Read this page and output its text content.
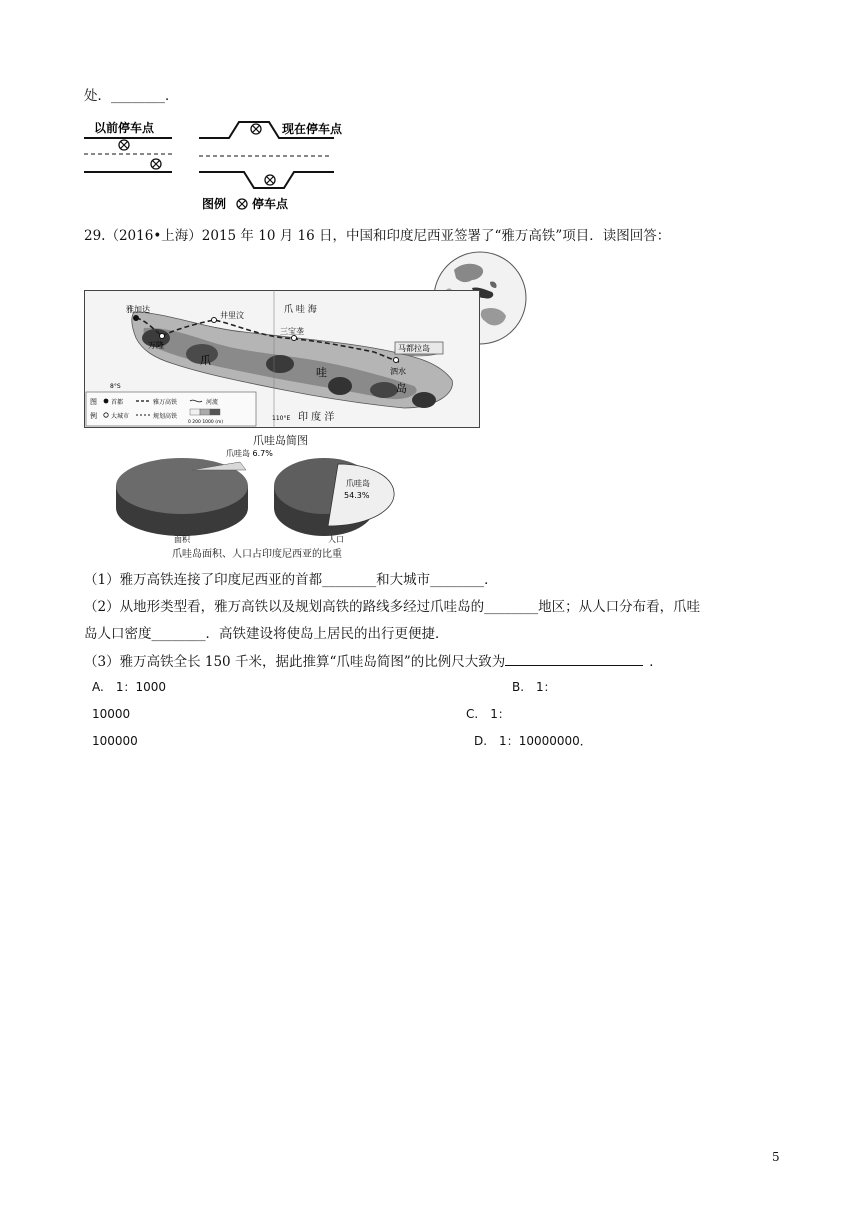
处．________．
以前停车点	现在停车点
图例 停车点
29.（2016•上海）2015 年 10 月 16 日，中国和印度尼西亚签署了“雅万高铁”项目．读图回答：
雅加达
井里汶
万隆
三宝垄
泗水
马都拉岛
爪 哇 海
印 度 洋
爪
哇
岛
8°S
110°E
图
例
首都
大城市
雅万高铁
规划高铁
河流
0 200 1000 (m)
爪哇岛简图
爪哇岛 6.7%
爪哇岛
54.3%
面积	人口
爪哇岛面积、人口占印度尼西亚的比重
（1）雅万高铁连接了印度尼西亚的首都________和大城市________．
（2）从地形类型看，雅万高铁以及规划高铁的路线多经过爪哇岛的________地区；从人口分布看，爪哇
岛人口密度________．高铁建设将使岛上居民的出行更便捷．
（3）雅万高铁全长 150 千米，据此推算“爪哇岛简图”的比例尺大致为	．
A.　1：1000	B.　1：
10000	C.　1：
100000	D.　1：10000000．
5
